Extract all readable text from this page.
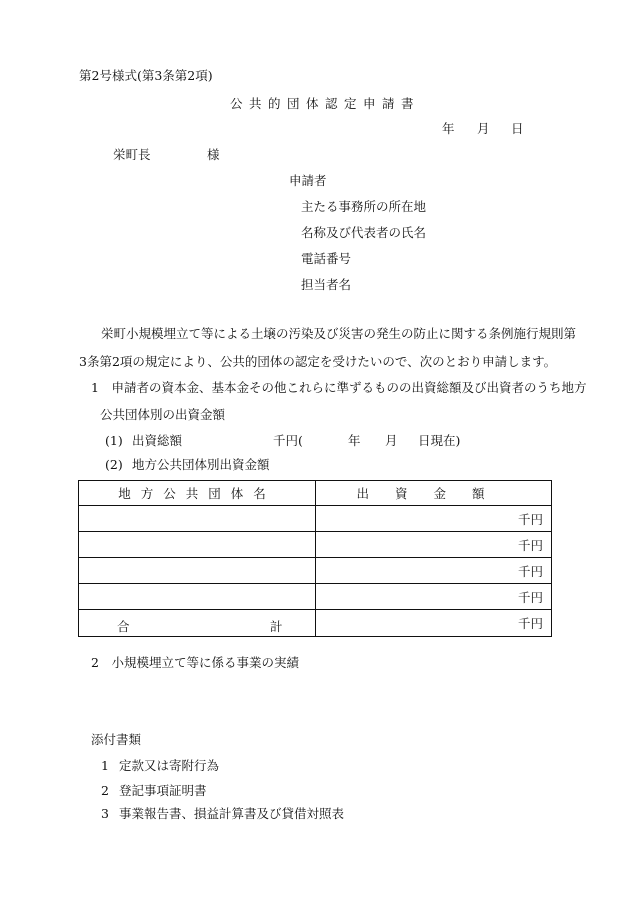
第2号様式(第3条第2項)
公共的団体認定申請書
年 月 日
栄町長	様
申請者
主たる事務所の所在地
名称及び代表者の氏名
電話番号
担当者名
栄町小規模埋立て等による土壌の汚染及び災害の発生の防止に関する条例施行規則第
3条第2項の規定により、公共的団体の認定を受けたいので、次のとおり申請します。
1　申請者の資本金、基本金その他これらに準ずるものの出資総額及び出資者のうち地方
公共団体別の出資金額
(1) 出資総額	千円(	年 月 日現在)
(2) 地方公共団体別出資金額
地方公共団体名	出資金額
	千円
	千円
	千円
	千円

合 計	千円
2　小規模埋立て等に係る事業の実績
添付書類
1 定款又は寄附行為
2 登記事項証明書
3 事業報告書、損益計算書及び貸借対照表
